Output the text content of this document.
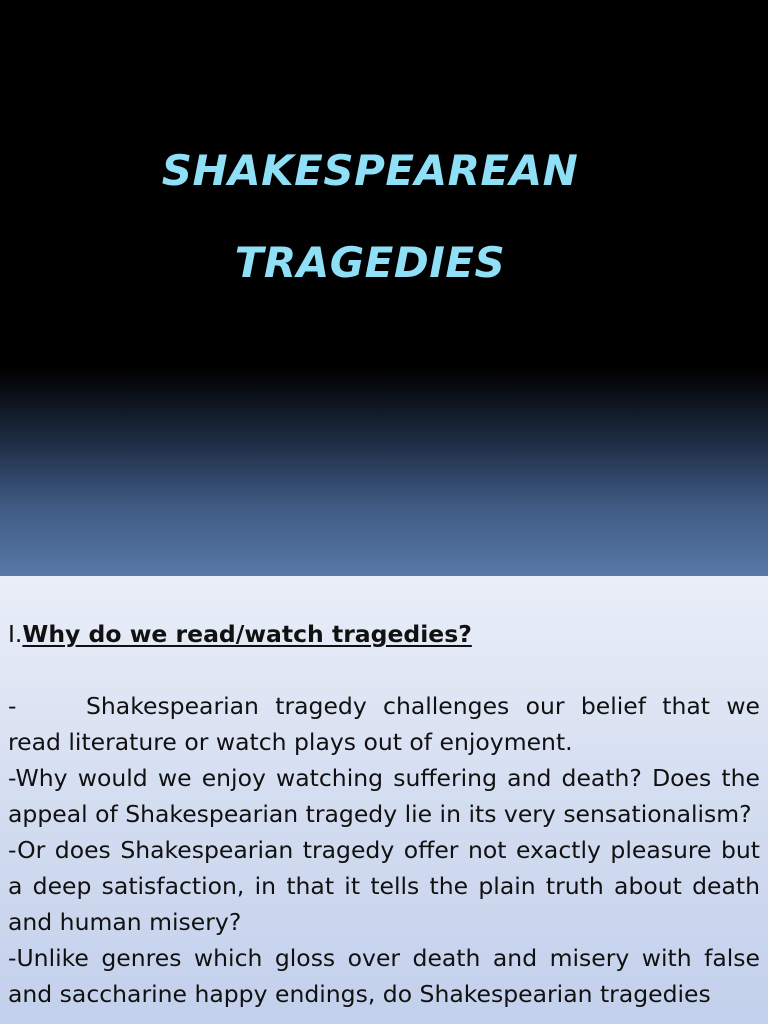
SHAKESPEAREAN
TRAGEDIES

I.Why do we read/watch tragedies?

-	Shakespearian tragedy challenges our belief that we read literature or watch plays out of enjoyment.

-Why would we enjoy watching suffering and death? Does the appeal of Shakespearian tragedy lie in its very sensationalism?

-Or does Shakespearian tragedy offer not exactly pleasure but a deep satisfaction, in that it tells the plain truth about death and human misery?

-Unlike genres which gloss over death and misery with false and saccharine happy endings, do Shakespearian tragedies
